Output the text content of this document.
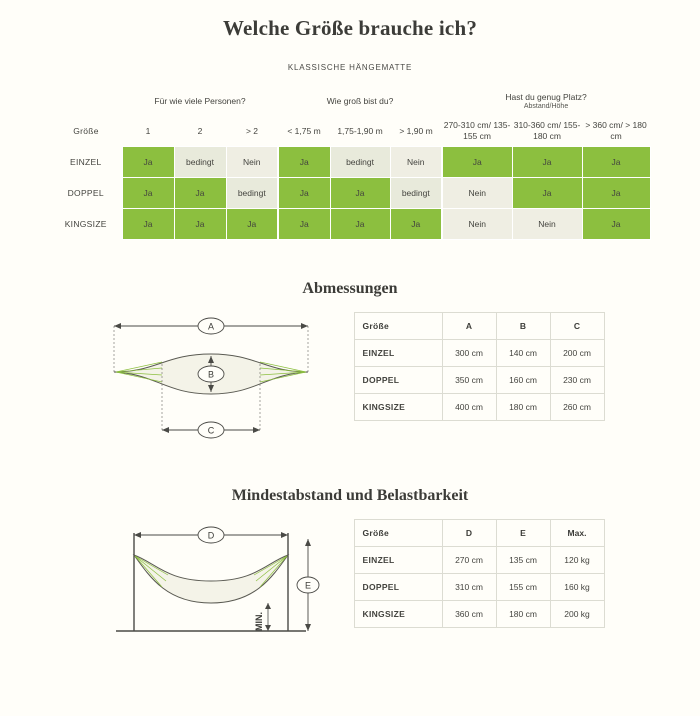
Welche Größe brauche ich?
KLASSISCHE HÄNGEMATTE
	Für wie viele Personen?			Wie groß bist du?			Hast du genug Platz?
Abstand/Höhe		

Größe	1	2	> 2	< 1,75 m	1,75-1,90 m	> 1,90 m	270-310 cm/ 135-155 cm	310-360 cm/ 155-180 cm	> 360 cm/ > 180 cm
EINZEL	Ja	bedingt	Nein	Ja	bedingt	Nein	Ja	Ja	Ja
DOPPEL	Ja	Ja	bedingt	Ja	Ja	bedingt	Nein	Ja	Ja
KINGSIZE	Ja	Ja	Ja	Ja	Ja	Ja	Nein	Nein	Ja
Abmessungen
A
B
C
Größe	A	B	C
EINZEL	300 cm	140 cm	200 cm
DOPPEL	350 cm	160 cm	230 cm
KINGSIZE	400 cm	180 cm	260 cm
Mindestabstand und Belastbarkeit
D
E
MIN.
Größe	D	E	Max.
EINZEL	270 cm	135 cm	120 kg
DOPPEL	310 cm	155 cm	160 kg
KINGSIZE	360 cm	180 cm	200 kg
